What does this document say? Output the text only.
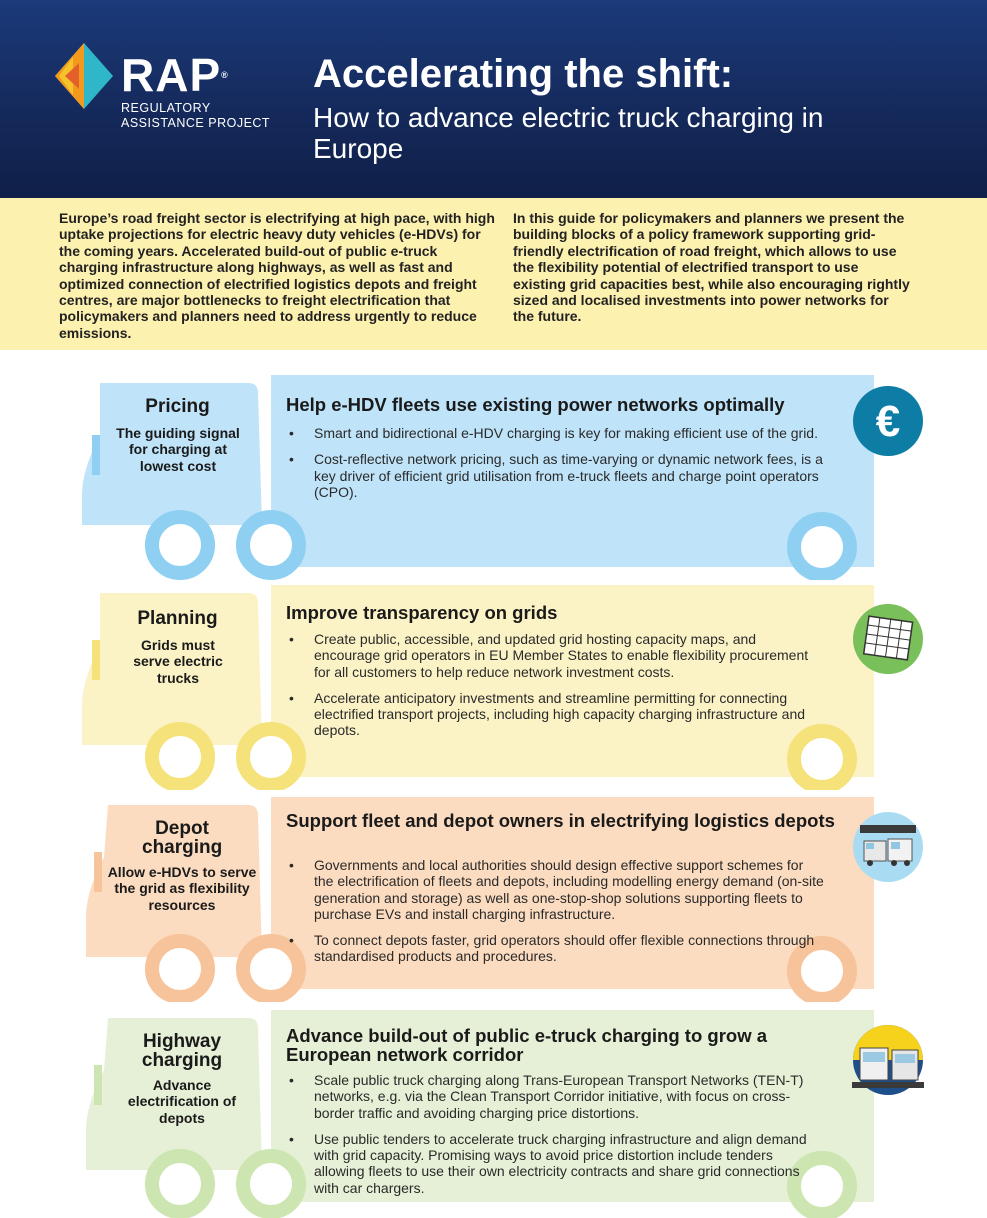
RAP®
REGULATORY
ASSISTANCE PROJECT
Accelerating the shift:
How to advance electric truck charging in Europe

Europe’s road freight sector is electrifying at high pace, with high uptake projections for electric heavy duty vehicles (e-HDVs) for the coming years. Accelerated build-out of public e-truck charging infrastructure along highways, as well as fast and optimized connection of electrified logistics depots and freight centres, are major bottlenecks to freight electrification that policymakers and planners need to address urgently to reduce emissions.

In this guide for policymakers and planners we present the building blocks of a policy framework supporting grid-friendly electrification of road freight, which allows to use the flexibility potential of electrified transport to use existing grid capacities best, while also encouraging rightly sized and localised investments into power networks for the future.

Pricing
The guiding signal for charging at lowest cost
Help e-HDV fleets use existing power networks optimally
• Smart and bidirectional e-HDV charging is key for making efficient use of the grid.
• Cost-reflective network pricing, such as time-varying or dynamic network fees, is a key driver of efficient grid utilisation from e-truck fleets and charge point operators (CPO).
€
Planning
Grids must serve electric trucks
Improve transparency on grids
• Create public, accessible, and updated grid hosting capacity maps, and encourage grid operators in EU Member States to enable flexibility procurement for all customers to help reduce network investment costs.
• Accelerate anticipatory investments and streamline permitting for connecting electrified transport projects, including high capacity charging infrastructure and depots.
Depot charging
Allow e-HDVs to serve the grid as flexibility resources
Support fleet and depot owners in electrifying logistics depots
• Governments and local authorities should design effective support schemes for the electrification of fleets and depots, including modelling energy demand (on-site generation and storage) as well as one-stop-shop solutions supporting fleets to purchase EVs and install charging infrastructure.
• To connect depots faster, grid operators should offer flexible connections through standardised products and procedures.
Highway charging
Advance electrification of depots
Advance build-out of public e-truck charging to grow a European network corridor
• Scale public truck charging along Trans-European Transport Networks (TEN-T) networks, e.g. via the Clean Transport Corridor initiative, with focus on cross-border traffic and avoiding charging price distortions.
• Use public tenders to accelerate truck charging infrastructure and align demand with grid capacity. Promising ways to avoid price distortion include tenders allowing fleets to use their own electricity contracts and share grid connections with car chargers.
